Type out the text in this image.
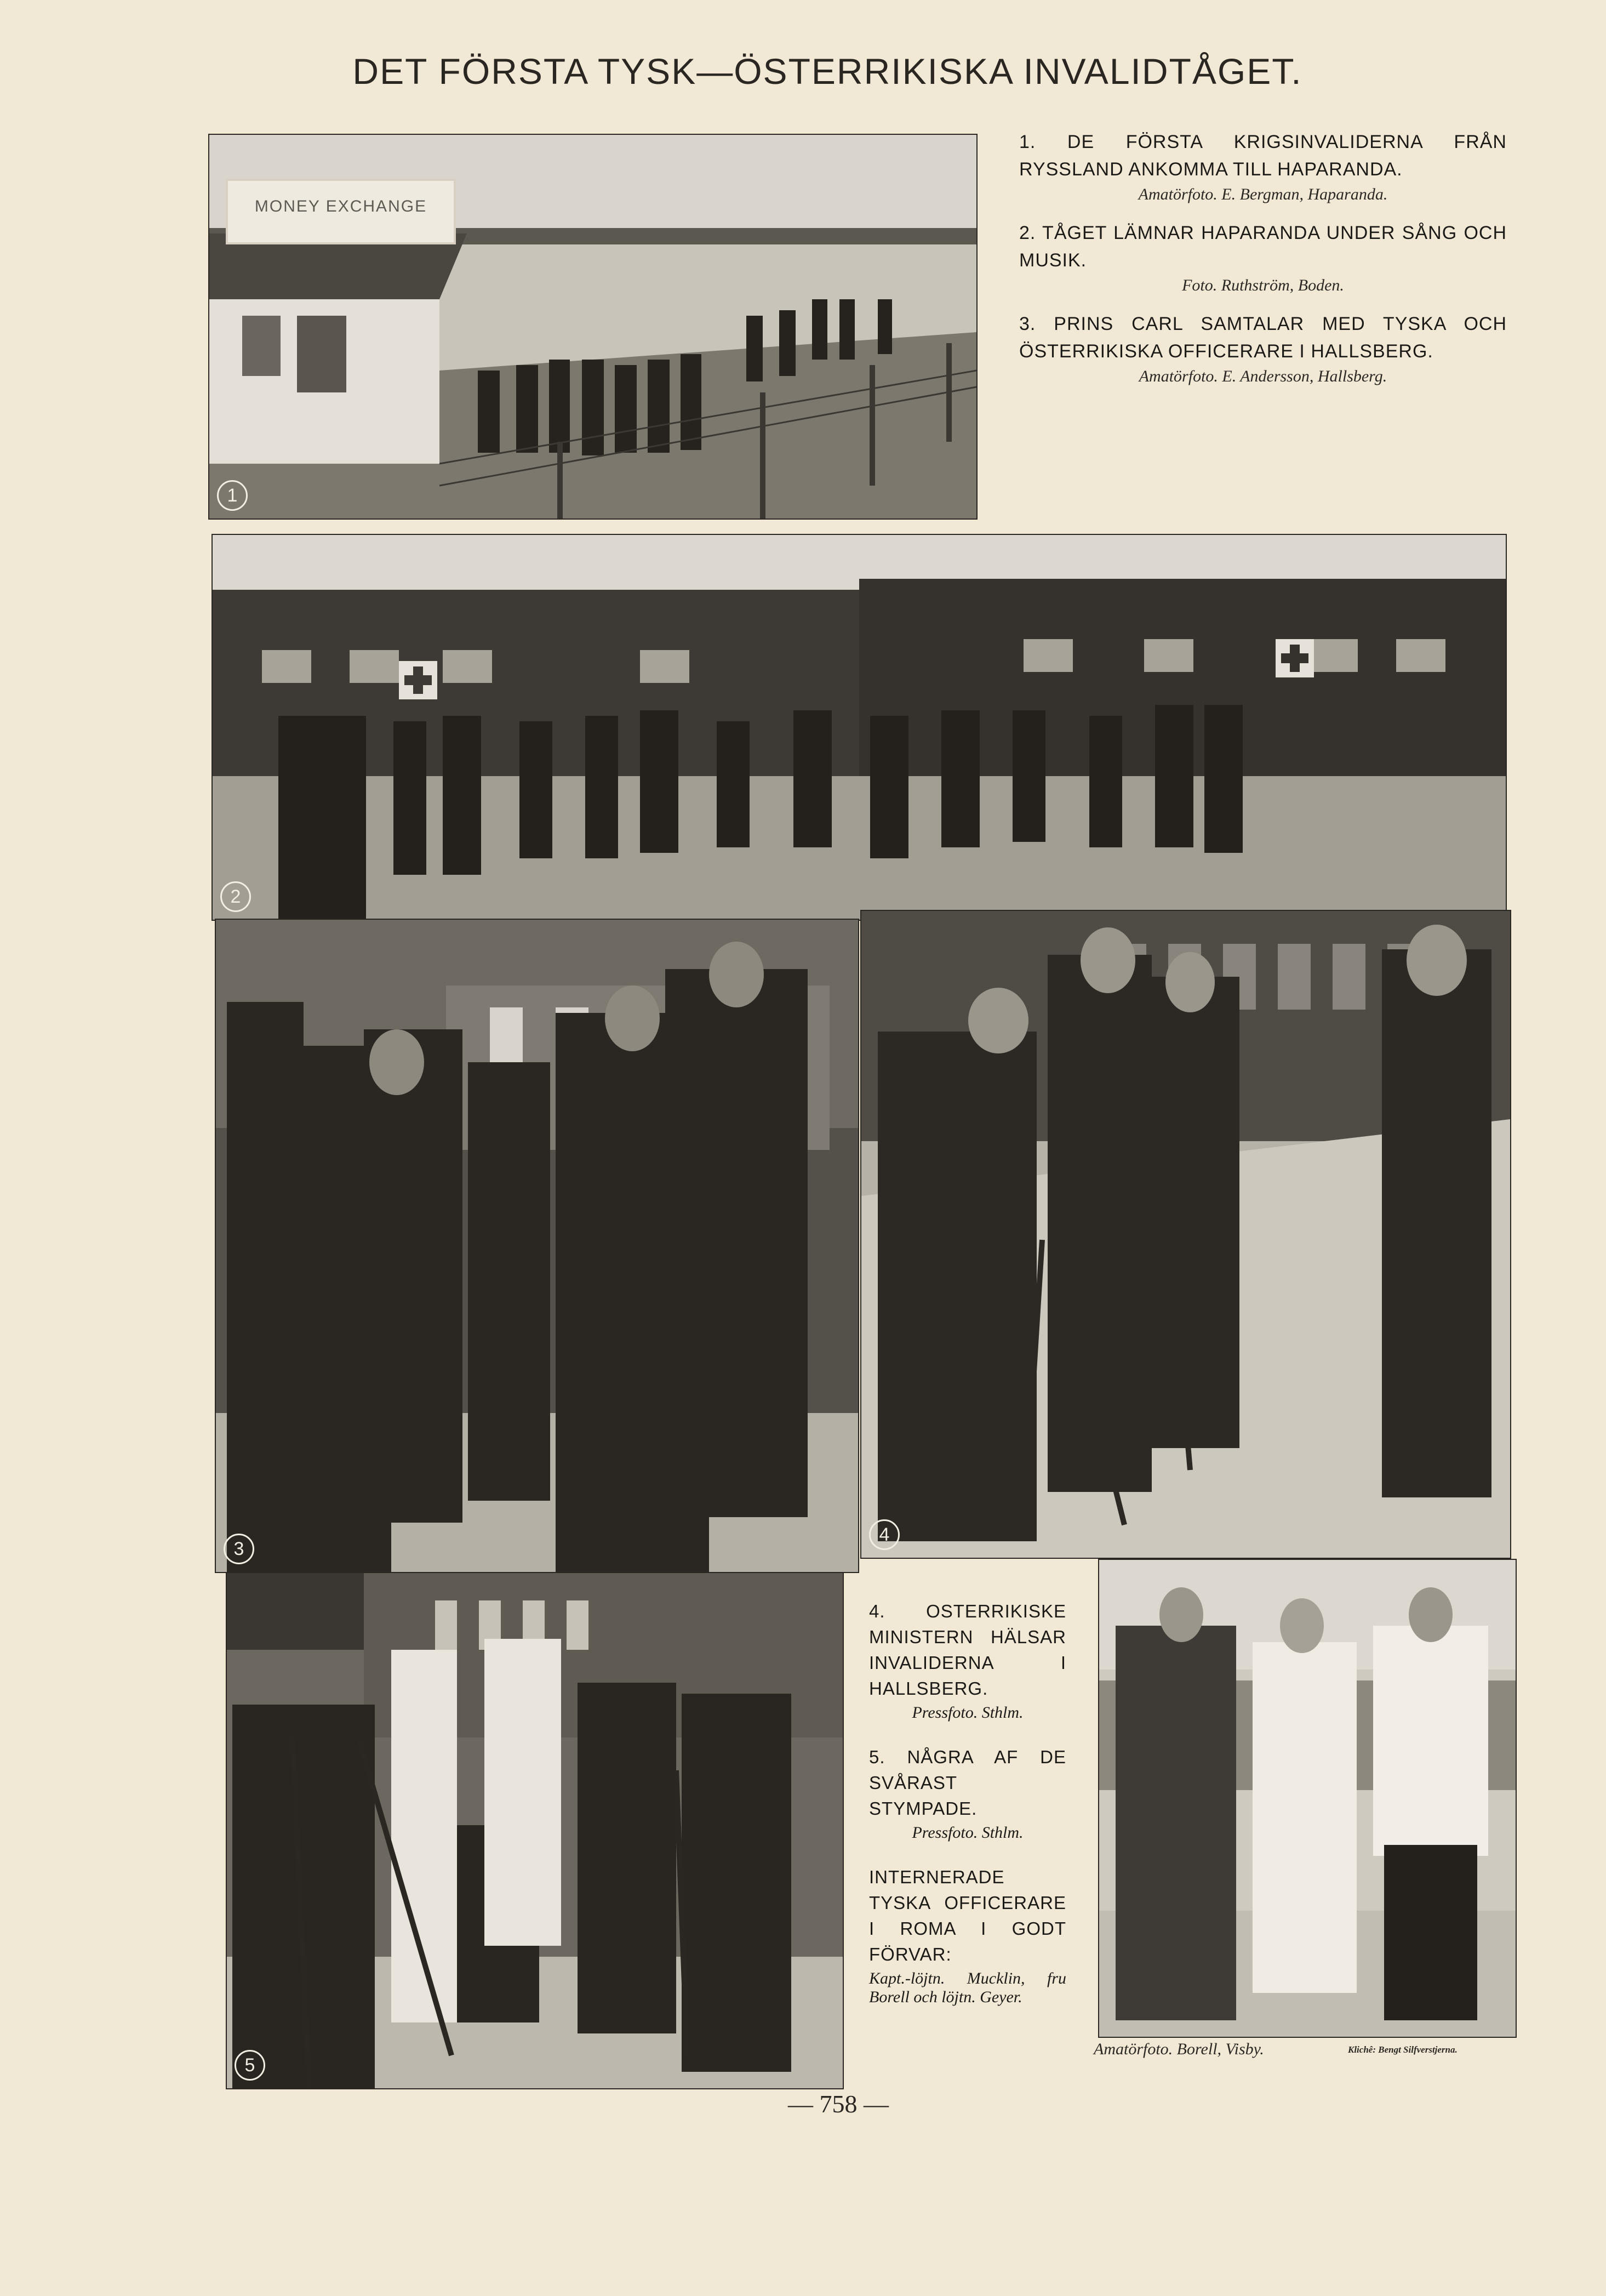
DET FÖRSTA TYSK—ÖSTERRIKISKA INVALIDTÅGET.
MONEY EXCHANGE
1
1. DE FÖRSTA KRIGSINVALIDERNA FRÅN RYSSLAND ANKOMMA TILL HAPARANDA.
Amatörfoto. E. Bergman, Haparanda.
2. TÅGET LÄMNAR HAPARANDA UNDER SÅNG OCH MUSIK.
Foto. Ruthström, Boden.
3. PRINS CARL SAMTALAR MED TYSKA OCH ÖSTERRIKISKA OFFICERARE I HALLSBERG.
Amatörfoto. E. Andersson, Hallsberg.
2
3
4
5
4. OSTERRIKISKE MINISTERN HÄLSAR INVALIDERNA I HALLSBERG.
Pressfoto. Sthlm.
5. NÅGRA AF DE SVÅRAST STYMPADE.
Pressfoto. Sthlm.
INTERNERADE TYSKA OFFICERARE I ROMA I GODT FÖRVAR:
Kapt.-löjtn. Mucklin, fru Borell och löjtn. Geyer.
Amatörfoto. Borell, Visby.	Klichê: Bengt Silfverstjerna.
— 758 —
